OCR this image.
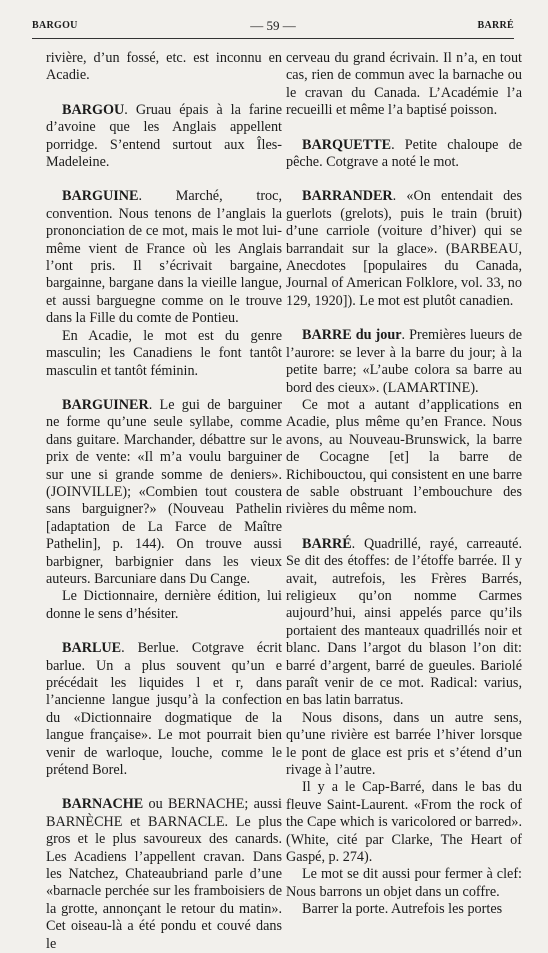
BARGOU	— 59 —	BARRÉ

rivière, d’un fossé, etc. est inconnu en Acadie.

BARGOU. Gruau épais à la farine d’avoine que les Anglais appellent porridge. S’entend surtout aux Îles-Madeleine.

BARGUINE. Marché, troc, convention. Nous tenons de l’anglais la prononciation de ce mot, mais le mot lui-même vient de France où les Anglais l’ont pris. Il s’écrivait bargaine, bargainne, bargane dans la vieille langue, et aussi barguegne comme on le trouve dans la Fille du comte de Pontieu.

En Acadie, le mot est du genre masculin; les Canadiens le font tantôt masculin et tantôt féminin.

BARGUINER. Le gui de barguiner ne forme qu’une seule syllabe, comme dans guitare. Marchander, débattre sur le prix de vente: «Il m’a voulu barguiner sur une si grande somme de deniers». (JOINVILLE); «Combien tout coustera sans barguigner?» (Nouveau Pathelin [adaptation de La Farce de Maître Pathelin], p. 144). On trouve aussi barbigner, barbignier dans les vieux auteurs. Barcuniare dans Du Cange.

Le Dictionnaire, dernière édition, lui donne le sens d’hésiter.

BARLUE. Berlue. Cotgrave écrit barlue. Un a plus souvent qu’un e précédait les liquides l et r, dans l’ancienne langue jusqu’à la confection du «Dictionnaire dogmatique de la langue française». Le mot pourrait bien venir de warloque, louche, comme le prétend Borel.

BARNACHE ou BERNACHE; aussi BARNÈCHE et BARNACLE. Le plus gros et le plus savoureux des canards. Les Acadiens l’appellent cravan. Dans les Natchez, Chateaubriand parle d’une «barnacle perchée sur les framboisiers de la grotte, annonçant le retour du matin». Cet oiseau-là a été pondu et couvé dans le

cerveau du grand écrivain. Il n’a, en tout cas, rien de commun avec la barnache ou le cravan du Canada. L’Académie l’a recueilli et même l’a baptisé poisson.

BARQUETTE. Petite chaloupe de pêche. Cotgrave a noté le mot.

BARRANDER. «On entendait des guerlots (grelots), puis le train (bruit) d’une carriole (voiture d’hiver) qui se barrandait sur la glace». (BARBEAU, Anecdotes [populaires du Canada, Journal of American Folklore, vol. 33, no 129, 1920]). Le mot est plutôt canadien.

BARRE du jour. Premières lueurs de l’aurore: se lever à la barre du jour; à la petite barre; «L’aube colora sa barre au bord des cieux». (LAMARTINE).

Ce mot a autant d’applications en Acadie, plus même qu’en France. Nous avons, au Nouveau-Brunswick, la barre de Cocagne [et] la barre de Richibouctou, qui consistent en une barre de sable obstruant l’embouchure des rivières du même nom.

BARRÉ. Quadrillé, rayé, carreauté. Se dit des étoffes: de l’étoffe barrée. Il y avait, autrefois, les Frères Barrés, religieux qu’on nomme Carmes aujourd’hui, ainsi appelés parce qu’ils portaient des manteaux quadrillés noir et blanc. Dans l’argot du blason l’on dit: barré d’argent, barré de gueules. Bariolé paraît venir de ce mot. Radical: varius, en bas latin barratus.

Nous disons, dans un autre sens, qu’une rivière est barrée l’hiver lorsque le pont de glace est pris et s’étend d’un rivage à l’autre.

Il y a le Cap-Barré, dans le bas du fleuve Saint-Laurent. «From the rock of the Cape which is varicolored or barred». (White, cité par Clarke, The Heart of Gaspé, p. 274).

Le mot se dit aussi pour fermer à clef: Nous barrons un objet dans un coffre.

Barrer la porte. Autrefois les portes
